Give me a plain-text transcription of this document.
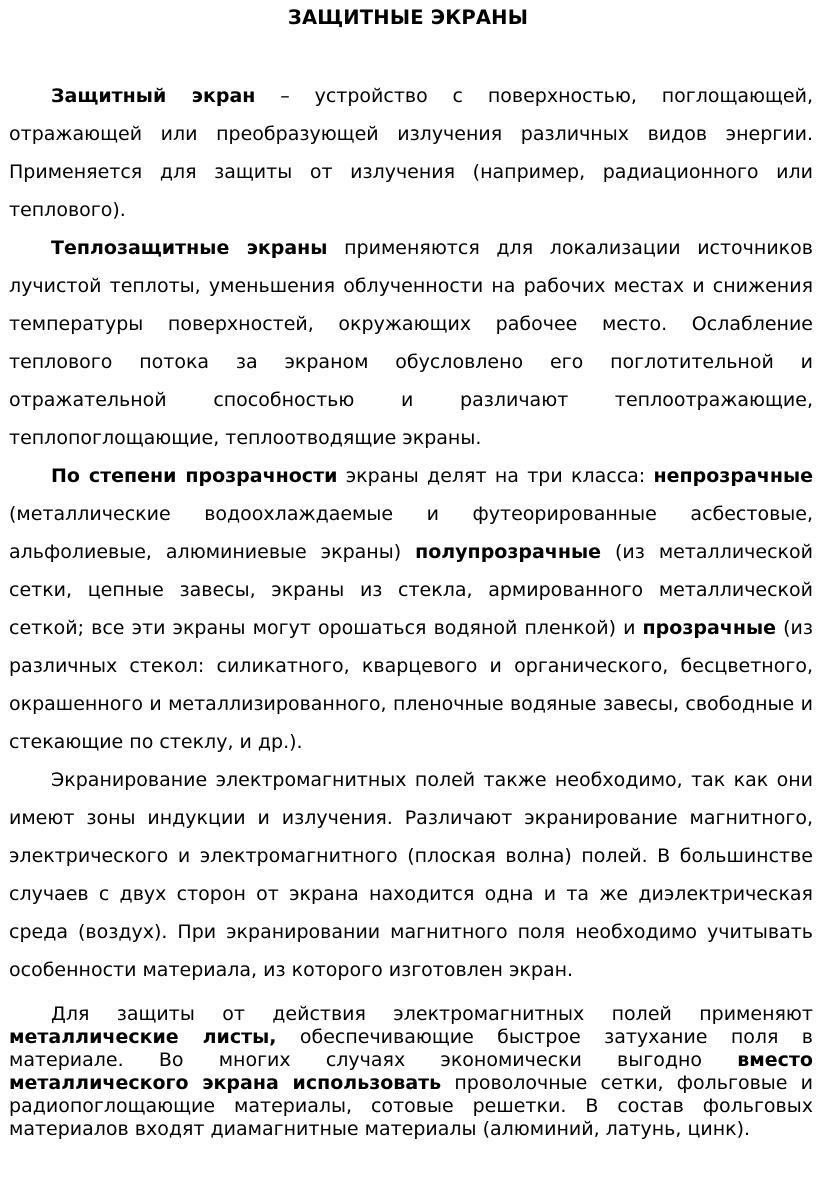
ЗАЩИТНЫЕ ЭКРАНЫ

Защитный экран – устройство с поверхностью, поглощающей, отражающей или преобразующей излучения различных видов энергии. Применяется для защиты от излучения (например, радиационного или теплового).

Теплозащитные экраны применяются для локализации источников лучистой теплоты, уменьшения облученности на рабочих местах и снижения температуры поверхностей, окружающих рабочее место. Ослабление теплового потока за экраном обусловлено его поглотительной и отражательной способностью и различают теплоотражающие, теплопоглощающие, теплоотводящие экраны.

По степени прозрачности экраны делят на три класса: непрозрачные (металлические водоохлаждаемые и футеорированные асбестовые, альфолиевые, алюминиевые экраны) полупрозрачные (из металлической сетки, цепные завесы, экраны из стекла, армированного металлической сеткой; все эти экраны могут орошаться водяной пленкой) и прозрачные (из различных стекол: силикатного, кварцевого и органического, бесцветного, окрашенного и металлизированного, пленочные водяные завесы, свободные и стекающие по стеклу, и др.).

Экранирование электромагнитных полей также необходимо, так как они имеют зоны индукции и излучения. Различают экранирование магнитного, электрического и электромагнитного (плоская волна) полей. В большинстве случаев с двух сторон от экрана находится одна и та же диэлектрическая среда (воздух). При экранировании магнитного поля необходимо учитывать особенности материала, из которого изготовлен экран.

Для защиты от действия электромагнитных полей применяют металлические листы, обеспечивающие быстрое затухание поля в материале. Во многих случаях экономически выгодно вместо металлического экрана использовать проволочные сетки, фольговые и радиопоглощающие материалы, сотовые решетки. В состав фольговых материалов входят диамагнитные материалы (алюминий, латунь, цинк).
